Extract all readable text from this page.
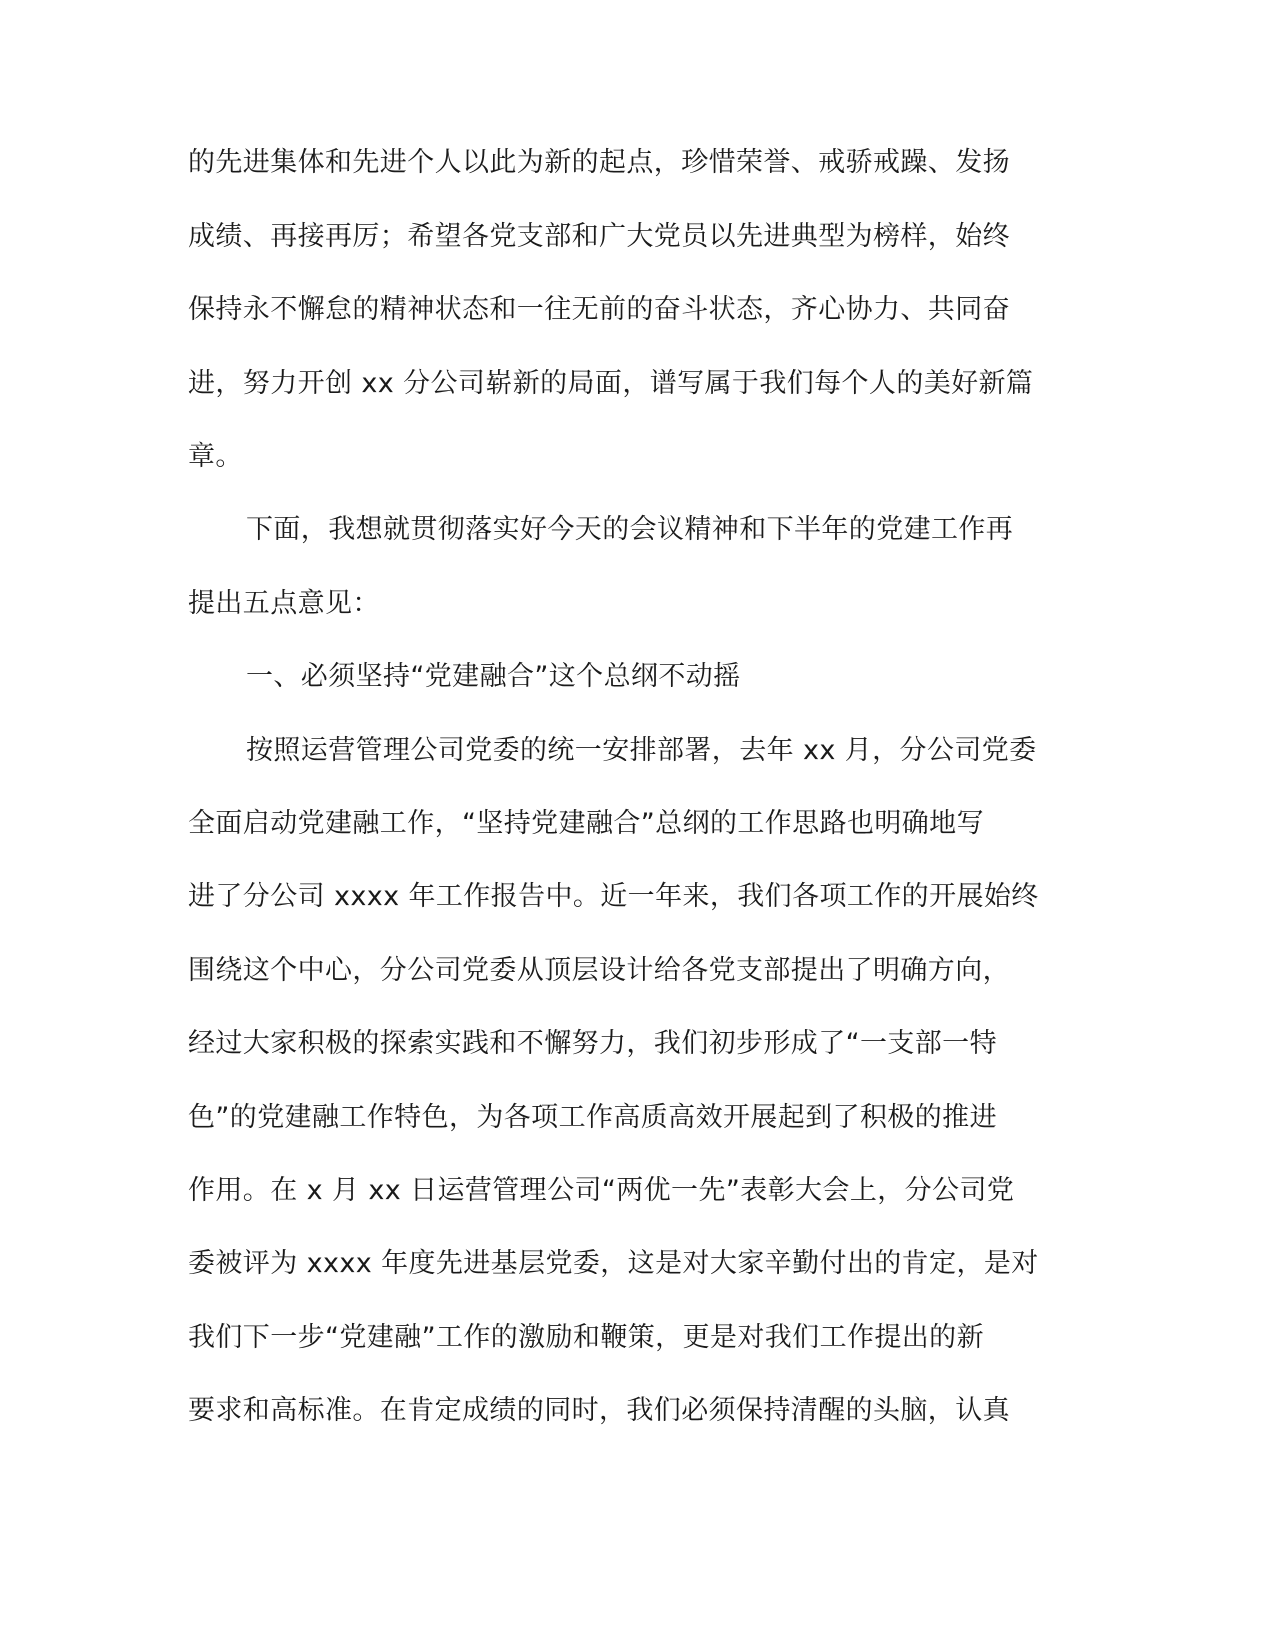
的先进集体和先进个人以此为新的起点，珍惜荣誉、戒骄戒躁、发扬
成绩、再接再厉；希望各党支部和广大党员以先进典型为榜样，始终
保持永不懈怠的精神状态和一往无前的奋斗状态，齐心协力、共同奋
进，努力开创 xx 分公司崭新的局面，谱写属于我们每个人的美好新篇
章。
下面，我想就贯彻落实好今天的会议精神和下半年的党建工作再
提出五点意见：
一、必须坚持“党建融合”这个总纲不动摇
按照运营管理公司党委的统一安排部署，去年 xx 月，分公司党委
全面启动党建融工作，“坚持党建融合”总纲的工作思路也明确地写
进了分公司 xxxx 年工作报告中。近一年来，我们各项工作的开展始终
围绕这个中心，分公司党委从顶层设计给各党支部提出了明确方向，
经过大家积极的探索实践和不懈努力，我们初步形成了“一支部一特
色”的党建融工作特色，为各项工作高质高效开展起到了积极的推进
作用。在 x 月 xx 日运营管理公司“两优一先”表彰大会上，分公司党
委被评为 xxxx 年度先进基层党委，这是对大家辛勤付出的肯定，是对
我们下一步“党建融”工作的激励和鞭策，更是对我们工作提出的新
要求和高标准。在肯定成绩的同时，我们必须保持清醒的头脑，认真
